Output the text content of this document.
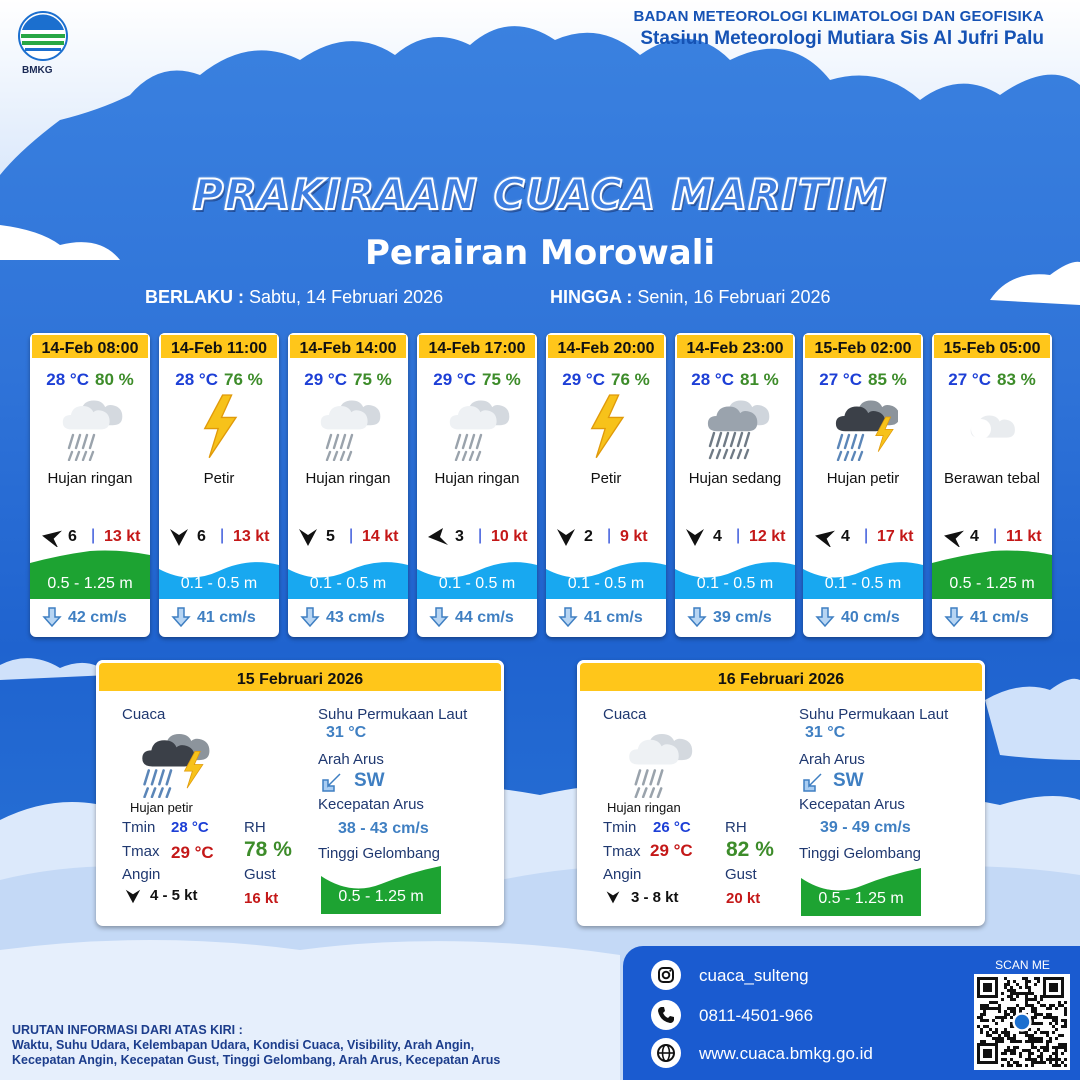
BMKG
BADAN METEOROLOGI KLIMATOLOGI DAN GEOFISIKA
Stasiun Meteorologi Mutiara Sis Al Jufri Palu
PRAKIRAAN CUACA MARITIM
Perairan Morowali
BERLAKU : Sabtu, 14 Februari 2026	HINGGA : Senin, 16 Februari 2026
14-Feb 08:00
28 °C 80 %
Hujan ringan
6 | 13 kt
0.5 - 1.25 m
42 cm/s
14-Feb 11:00
28 °C 76 %
Petir
6 | 13 kt
0.1 - 0.5 m
41 cm/s
14-Feb 14:00
29 °C 75 %
Hujan ringan
5 | 14 kt
0.1 - 0.5 m
43 cm/s
14-Feb 17:00
29 °C 75 %
Hujan ringan
3 | 10 kt
0.1 - 0.5 m
44 cm/s
14-Feb 20:00
29 °C 76 %
Petir
2 | 9 kt
0.1 - 0.5 m
41 cm/s
14-Feb 23:00
28 °C 81 %
Hujan sedang
4 | 12 kt
0.1 - 0.5 m
39 cm/s
15-Feb 02:00
27 °C 85 %
Hujan petir
4 | 17 kt
0.1 - 0.5 m
40 cm/s
15-Feb 05:00
27 °C 83 %
Berawan tebal
4 | 11 kt
0.5 - 1.25 m
41 cm/s
15 Februari 2026
Cuaca
Hujan petir
Tmin 28 °C
Tmax 29 °C
Angin
4 - 5 kt
RH
78 %
Gust
16 kt
Suhu Permukaan Laut
31 °C
Arah Arus
SW
Kecepatan Arus
38 - 43 cm/s
Tinggi Gelombang
0.5 - 1.25 m
16 Februari 2026
Cuaca
Hujan ringan
Tmin 26 °C
Tmax 29 °C
Angin
3 - 8 kt
RH
82 %
Gust
20 kt
Suhu Permukaan Laut
31 °C
Arah Arus
SW
Kecepatan Arus
39 - 49 cm/s
Tinggi Gelombang
0.5 - 1.25 m
URUTAN INFORMASI DARI ATAS KIRI :
Waktu, Suhu Udara, Kelembapan Udara, Kondisi Cuaca, Visibility, Arah Angin,
Kecepatan Angin, Kecepatan Gust, Tinggi Gelombang, Arah Arus, Kecepatan Arus
cuaca_sulteng
0811-4501-966
www.cuaca.bmkg.go.id
SCAN ME
